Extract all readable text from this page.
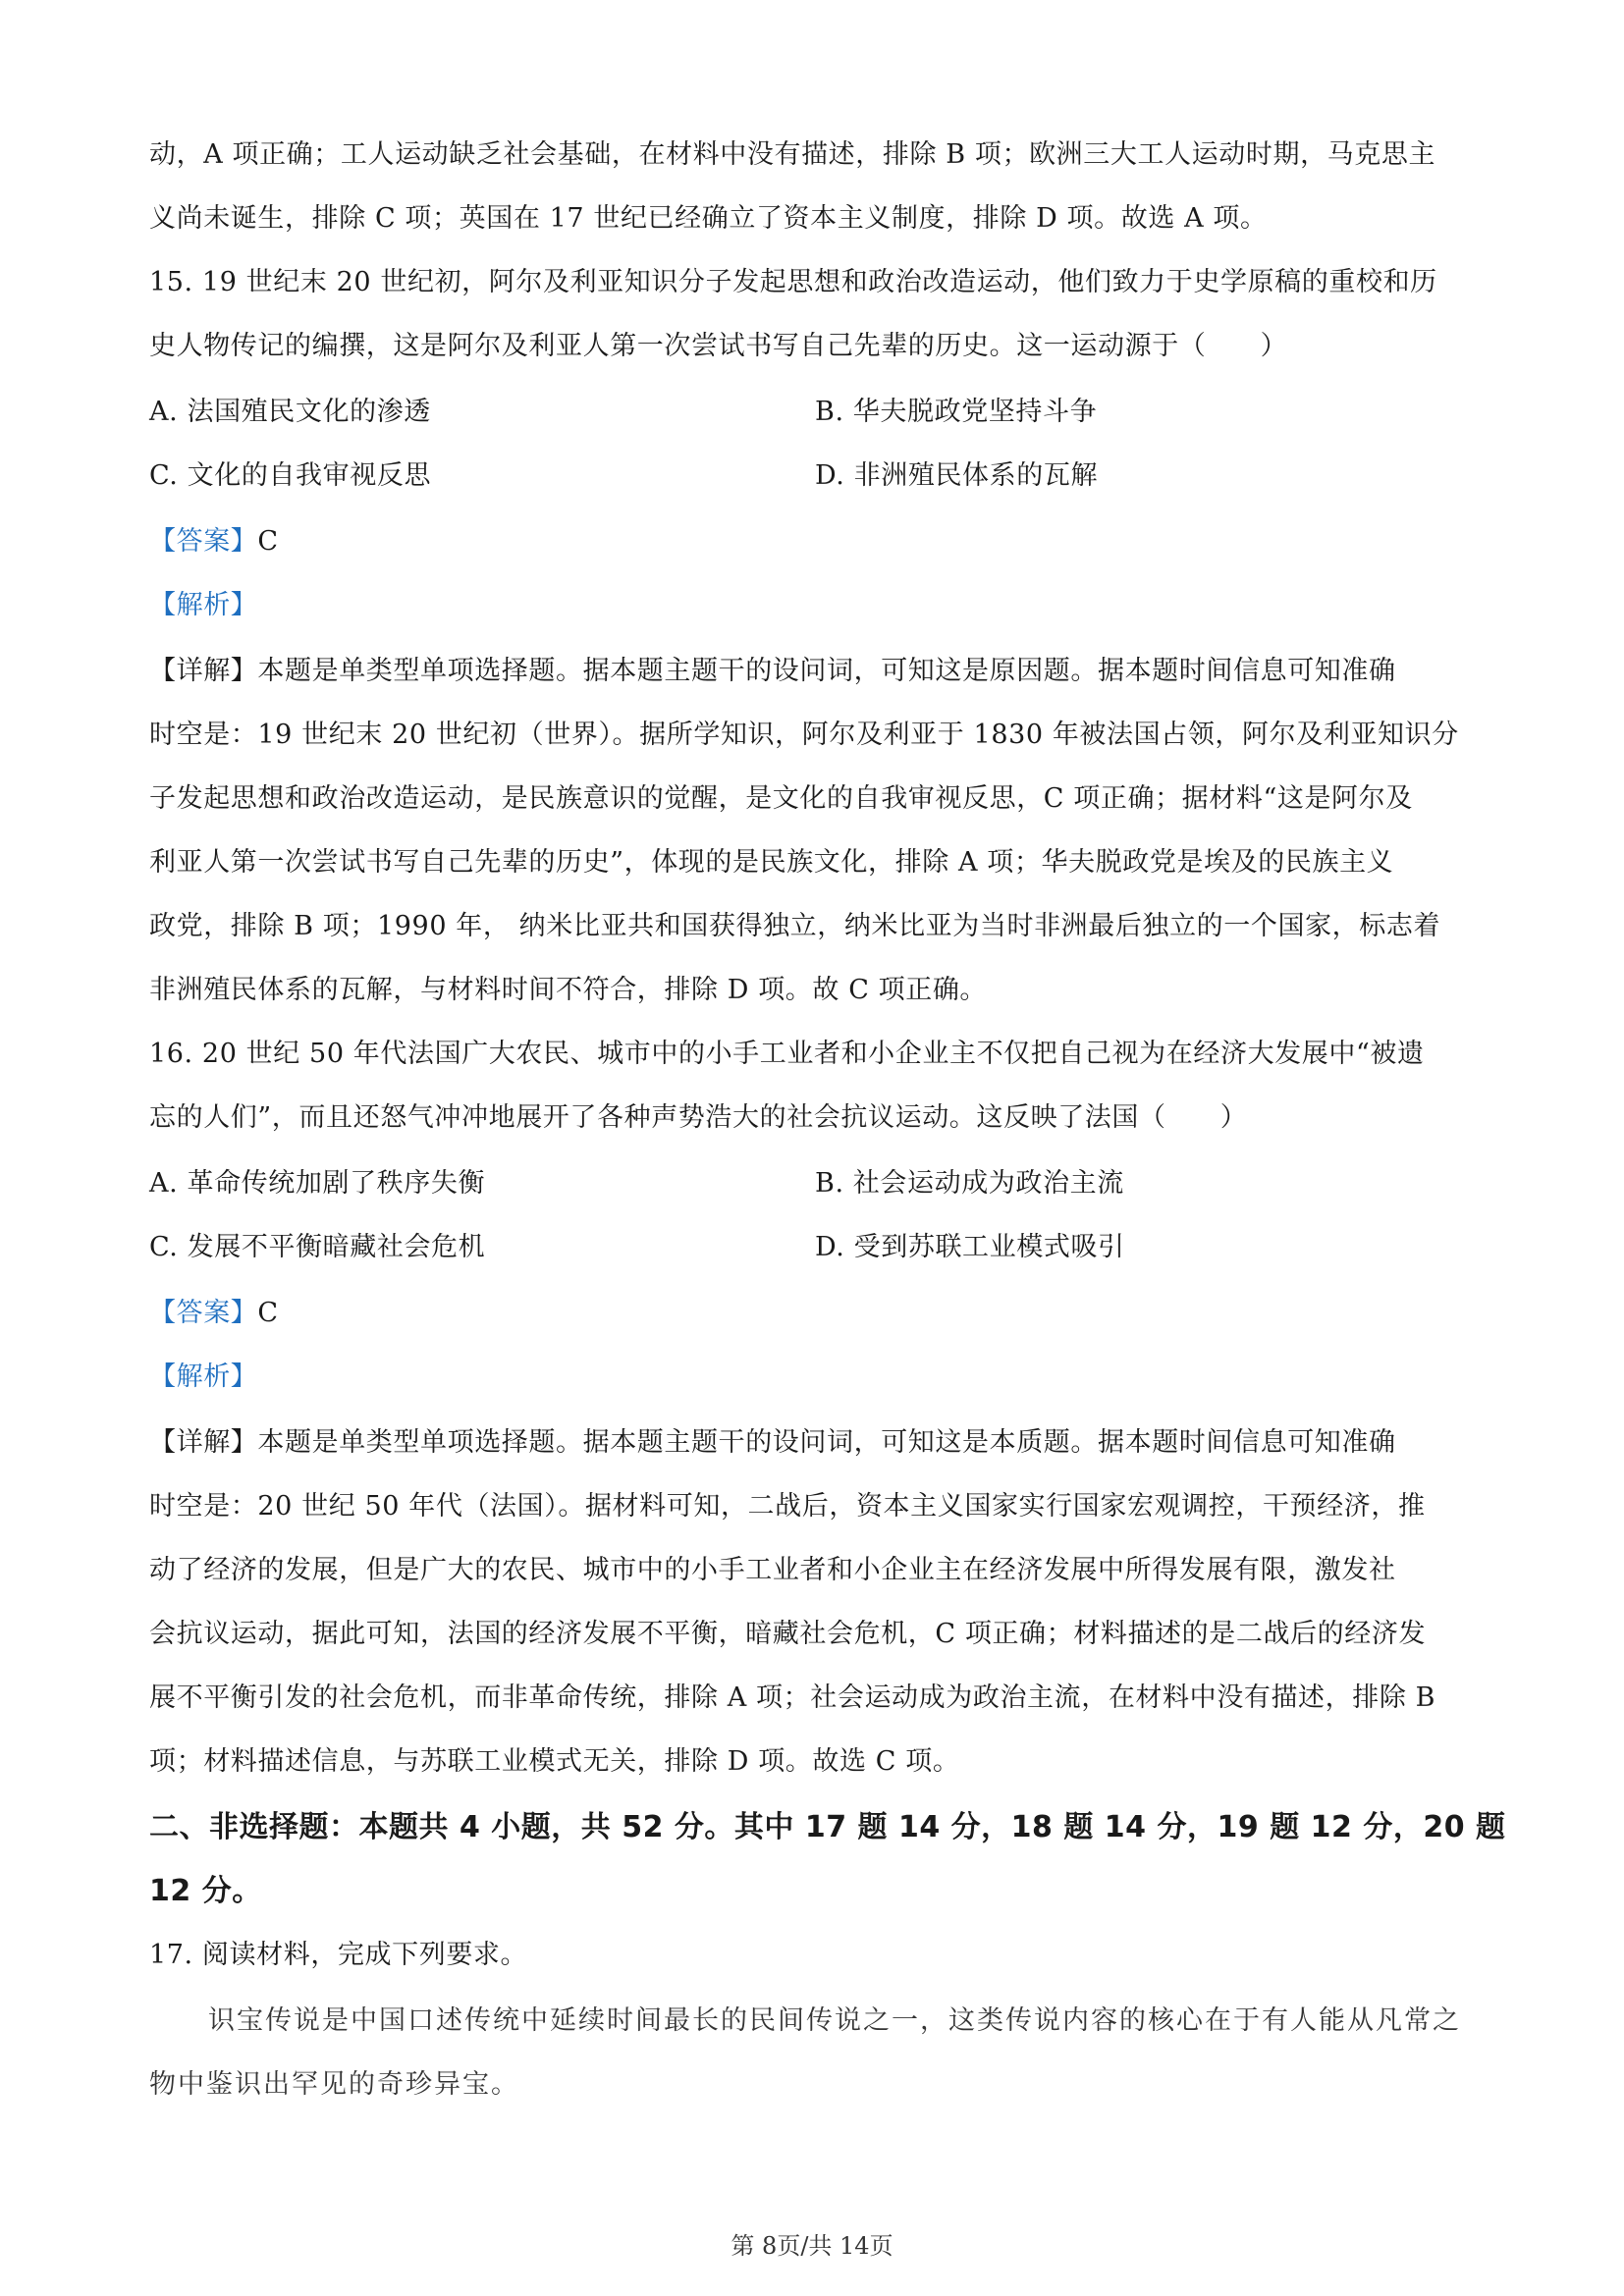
动，A 项正确；工人运动缺乏社会基础，在材料中没有描述，排除 B 项；欧洲三大工人运动时期，马克思主
义尚未诞生，排除 C 项；英国在 17 世纪已经确立了资本主义制度，排除 D 项。故选 A 项。
15. 19 世纪末 20 世纪初，阿尔及利亚知识分子发起思想和政治改造运动，他们致力于史学原稿的重校和历
史人物传记的编撰，这是阿尔及利亚人第一次尝试书写自己先辈的历史。这一运动源于（　　）
A. 法国殖民文化的渗透	B. 华夫脱政党坚持斗争
C. 文化的自我审视反思	D. 非洲殖民体系的瓦解
【答案】C
【解析】
【详解】本题是单类型单项选择题。据本题主题干的设问词，可知这是原因题。据本题时间信息可知准确
时空是：19 世纪末 20 世纪初（世界）。据所学知识，阿尔及利亚于 1830 年被法国占领，阿尔及利亚知识分
子发起思想和政治改造运动，是民族意识的觉醒，是文化的自我审视反思，C 项正确；据材料“这是阿尔及
利亚人第一次尝试书写自己先辈的历史”，体现的是民族文化，排除 A 项；华夫脱政党是埃及的民族主义
政党，排除 B 项；1990 年， 纳米比亚共和国获得独立，纳米比亚为当时非洲最后独立的一个国家，标志着
非洲殖民体系的瓦解，与材料时间不符合，排除 D 项。故 C 项正确。
16. 20 世纪 50 年代法国广大农民、城市中的小手工业者和小企业主不仅把自己视为在经济大发展中“被遗
忘的人们”，而且还怒气冲冲地展开了各种声势浩大的社会抗议运动。这反映了法国（　　）
A. 革命传统加剧了秩序失衡	B. 社会运动成为政治主流
C. 发展不平衡暗藏社会危机	D. 受到苏联工业模式吸引
【答案】C
【解析】
【详解】本题是单类型单项选择题。据本题主题干的设问词，可知这是本质题。据本题时间信息可知准确
时空是：20 世纪 50 年代（法国）。据材料可知，二战后，资本主义国家实行国家宏观调控，干预经济，推
动了经济的发展，但是广大的农民、城市中的小手工业者和小企业主在经济发展中所得发展有限，激发社
会抗议运动，据此可知，法国的经济发展不平衡，暗藏社会危机，C 项正确；材料描述的是二战后的经济发
展不平衡引发的社会危机，而非革命传统，排除 A 项；社会运动成为政治主流，在材料中没有描述，排除 B
项；材料描述信息，与苏联工业模式无关，排除 D 项。故选 C 项。
二、非选择题：本题共 4 小题，共 52 分。其中 17 题 14 分，18 题 14 分，19 题 12 分，20 题
12 分。
17. 阅读材料，完成下列要求。
识宝传说是中国口述传统中延续时间最长的民间传说之一，这类传说内容的核心在于有人能从凡常之
物中鉴识出罕见的奇珍异宝。
第 8页/共 14页
